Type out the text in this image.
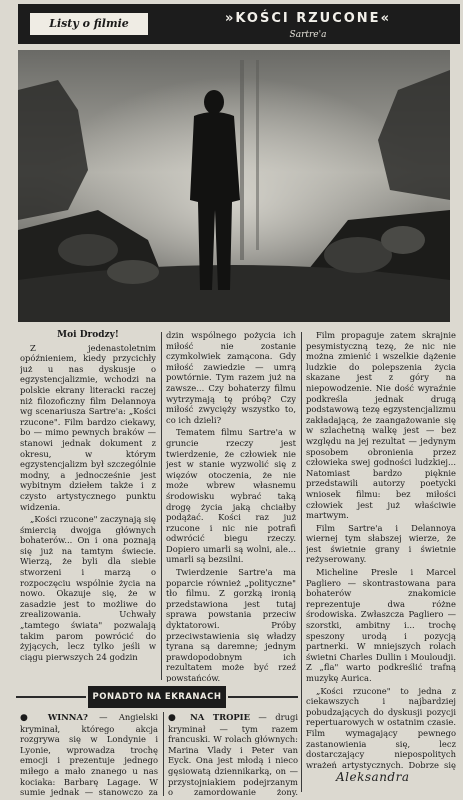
Listy o filmie	»KOŚCI RZUCONE«
Sartre'a
Moi Drodzy!

Z jedenastoletnim opóźnieniem, kiedy przycichły już u nas dyskusje o egzystencjalizmie, wchodzi na polskie ekrany literacki raczej niż filozoficzny film Delannoya wg scenariusza Sartre'a: „Kości rzucone". Film bardzo ciekawy, bo — mimo pewnych braków — stanowi jednak dokument z okresu, w którym egzystencjalizm był szczególnie modny, a jednocześnie jest wybitnym dziełem także i z czysto artystycznego punktu widzenia.

„Kości rzucone" zaczynają się śmiercią dwojga głównych bohaterów... On i ona poznają się już na tamtym świecie. Wierzą, że byli dla siebie stworzeni i marzą o rozpoczęciu wspólnie życia na nowo. Okazuje się, że w zasadzie jest to możliwe do zrealizowania. Uchwały „tamtego świata" pozwalają takim parom powrócić do żyjących, lecz tylko jeśli w ciągu pierwszych 24 godzin

dzin wspólnego pożycia ich miłość nie zostanie czymkolwiek zamącona. Gdy miłość zawiedzie — umrą powtórnie. Tym razem już na zawsze... Czy bohaterzy filmu wytrzymają tę próbę? Czy miłość zwycięży wszystko to, co ich dzieli?

Tematem filmu Sartre'a w gruncie rzeczy jest twierdzenie, że człowiek nie jest w stanie wyzwolić się z więzów otoczenia, że nie może wbrew własnemu środowisku wybrać taką drogę życia jaką chciałby podążać. Kości raz już rzucone i nic nie potrafi odwrócić biegu rzeczy. Dopiero umarli są wolni, ale... umarli są bezsilni.

Twierdzenie Sartre'a ma poparcie również „polityczne" tło filmu. Z gorzką ironią przedstawiona jest tutaj sprawa powstania przeciw dyktatorowi. Próby przeciwstawienia się władzy tyrana są daremne; jednym prawdopodobnym ich rezultatem może być rzeź powstańców.

Film propaguje zatem skrajnie pesymistyczną tezę, że nic nie można zmienić i wszelkie dążenie ludzkie do polepszenia życia skazane jest z góry na niepowodzenie. Nie dość wyraźnie podkreśla jednak drugą podstawową tezę egzystencjalizmu zakładającą, że zaangażowanie się w szlachetną walkę jest — bez względu na jej rezultat — jedynym sposobem obronienia przez człowieka swej godności ludzkiej... Natomiast bardzo pięknie przedstawili autorzy poetycki wniosek filmu: bez miłości człowiek jest już właściwie martwym.

Film Sartre'a i Delannoya wiernej tym słabszej wierze, że jest świetnie grany i świetnie reżyserowany.

Micheline Presle i Marcel Pagliero — skontrastowana para bohaterów znakomicie reprezentuje dwa różne środowiska. Zwłaszcza Pagliero — szorstki, ambitny i... trochę speszony urodą i pozycją partnerki. W mniejszych rolach świetni Charles Dullin i Mouloudji. Z „fla" warto podkreślić trafną muzykę Aurica.

„Kości rzucone" to jedna z ciekawszych i najbardziej pobudzających do dyskusji pozycji repertuarowych w ostatnim czasie. Film wymagający pewnego zastanowienia się, lecz dostarczający niepospolitych wrażeń artystycznych. Dobrze się

PONADTO NA EKRANACH
● WINNA? — Angielski kryminał, którego akcja rozgrywa się w Londynie i Lyonie, wprowadza trochę emocji i prezentuje jednego miłego a mało znanego u nas kociaka: Barbarę Lagage. W sumie jednak — stanowczo za
● NA TROPIE — drugi kryminał — tym razem francuski. W rolach głównych: Marina Vlady i Peter van Eyck. Ona jest młodą i nieco gęsiowatą dziennikarką, on — przystojniakiem podejrzanym o zamordowanie żony.
Aleksandra
